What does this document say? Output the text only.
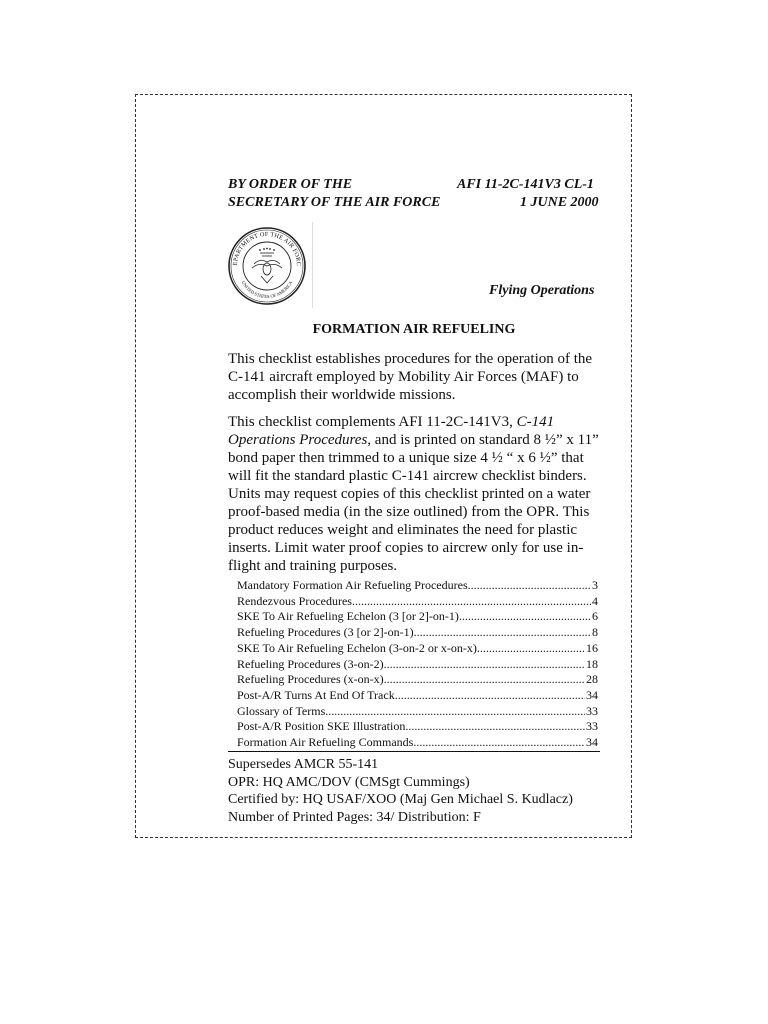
BY ORDER OF THE
SECRETARY OF THE AIR FORCE
AFI 11-2C-141V3 CL-1
1 JUNE 2000
EPARTMENT OF THE AIR FORC
UNITED STATES OF AMERICA
Flying Operations
FORMATION AIR REFUELING

This checklist establishes procedures for the operation of the C-141 aircraft employed by Mobility Air Forces (MAF) to accomplish their worldwide missions.

This checklist complements AFI 11-2C-141V3, C-141 Operations Procedures, and is printed on standard 8 ½” x 11” bond paper then trimmed to a unique size 4 ½ “ x 6 ½” that will fit the standard plastic C-141 aircrew checklist binders. Units may request copies of this checklist printed on a water proof-based media (in the size outlined) from the OPR. This product reduces weight and eliminates the need for plastic inserts. Limit water proof copies to aircrew only for use in-flight and training purposes.

Mandatory Formation Air Refueling Procedures .....	3
Rendezvous Procedures .....	4
SKE To Air Refueling Echelon (3 [or 2]-on-1) .....	6
Refueling Procedures (3 [or 2]-on-1) .....	8
SKE To Air Refueling Echelon (3-on-2 or x-on-x) .....	16
Refueling Procedures (3-on-2) .....	18
Refueling Procedures (x-on-x) .....	28
Post-A/R Turns At End Of Track .....	34
Glossary of Terms .....	33
Post-A/R Position SKE Illustration .....	33
Formation Air Refueling Commands .....	34
Supersedes AMCR 55-141
OPR: HQ AMC/DOV (CMSgt Cummings)
Certified by: HQ USAF/XOO (Maj Gen Michael S. Kudlacz)
Number of Printed Pages: 34/ Distribution: F
